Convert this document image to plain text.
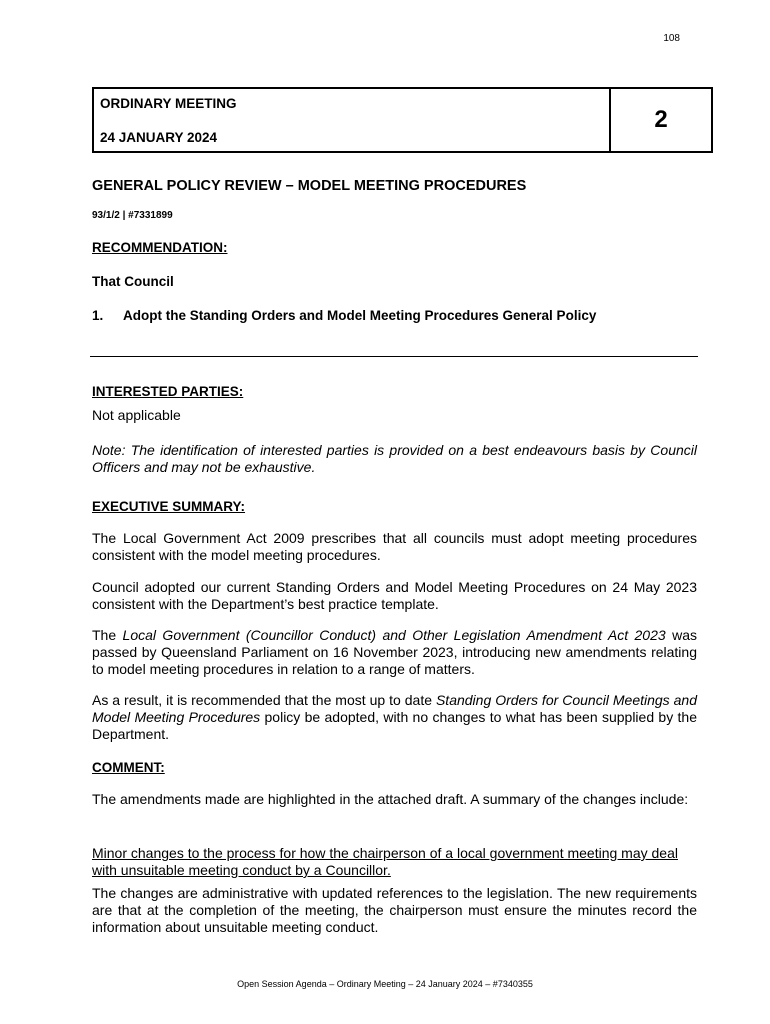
108
ORDINARY MEETING
24 JANUARY 2024
2
GENERAL POLICY REVIEW – MODEL MEETING PROCEDURES
93/1/2 | #7331899
RECOMMENDATION:
That Council
1. Adopt the Standing Orders and Model Meeting Procedures General Policy
INTERESTED PARTIES:
Not applicable
Note: The identification of interested parties is provided on a best endeavours basis by Council Officers and may not be exhaustive.
EXECUTIVE SUMMARY:
The Local Government Act 2009 prescribes that all councils must adopt meeting procedures consistent with the model meeting procedures.
Council adopted our current Standing Orders and Model Meeting Procedures on 24 May 2023 consistent with the Department’s best practice template.
The Local Government (Councillor Conduct) and Other Legislation Amendment Act 2023 was passed by Queensland Parliament on 16 November 2023, introducing new amendments relating to model meeting procedures in relation to a range of matters.
As a result, it is recommended that the most up to date Standing Orders for Council Meetings and Model Meeting Procedures policy be adopted, with no changes to what has been supplied by the Department.
COMMENT:
The amendments made are highlighted in the attached draft. A summary of the changes include:
Minor changes to the process for how the chairperson of a local government meeting may deal with unsuitable meeting conduct by a Councillor.
The changes are administrative with updated references to the legislation. The new requirements are that at the completion of the meeting, the chairperson must ensure the minutes record the information about unsuitable meeting conduct.
Open Session Agenda – Ordinary Meeting – 24 January 2024 – #7340355
